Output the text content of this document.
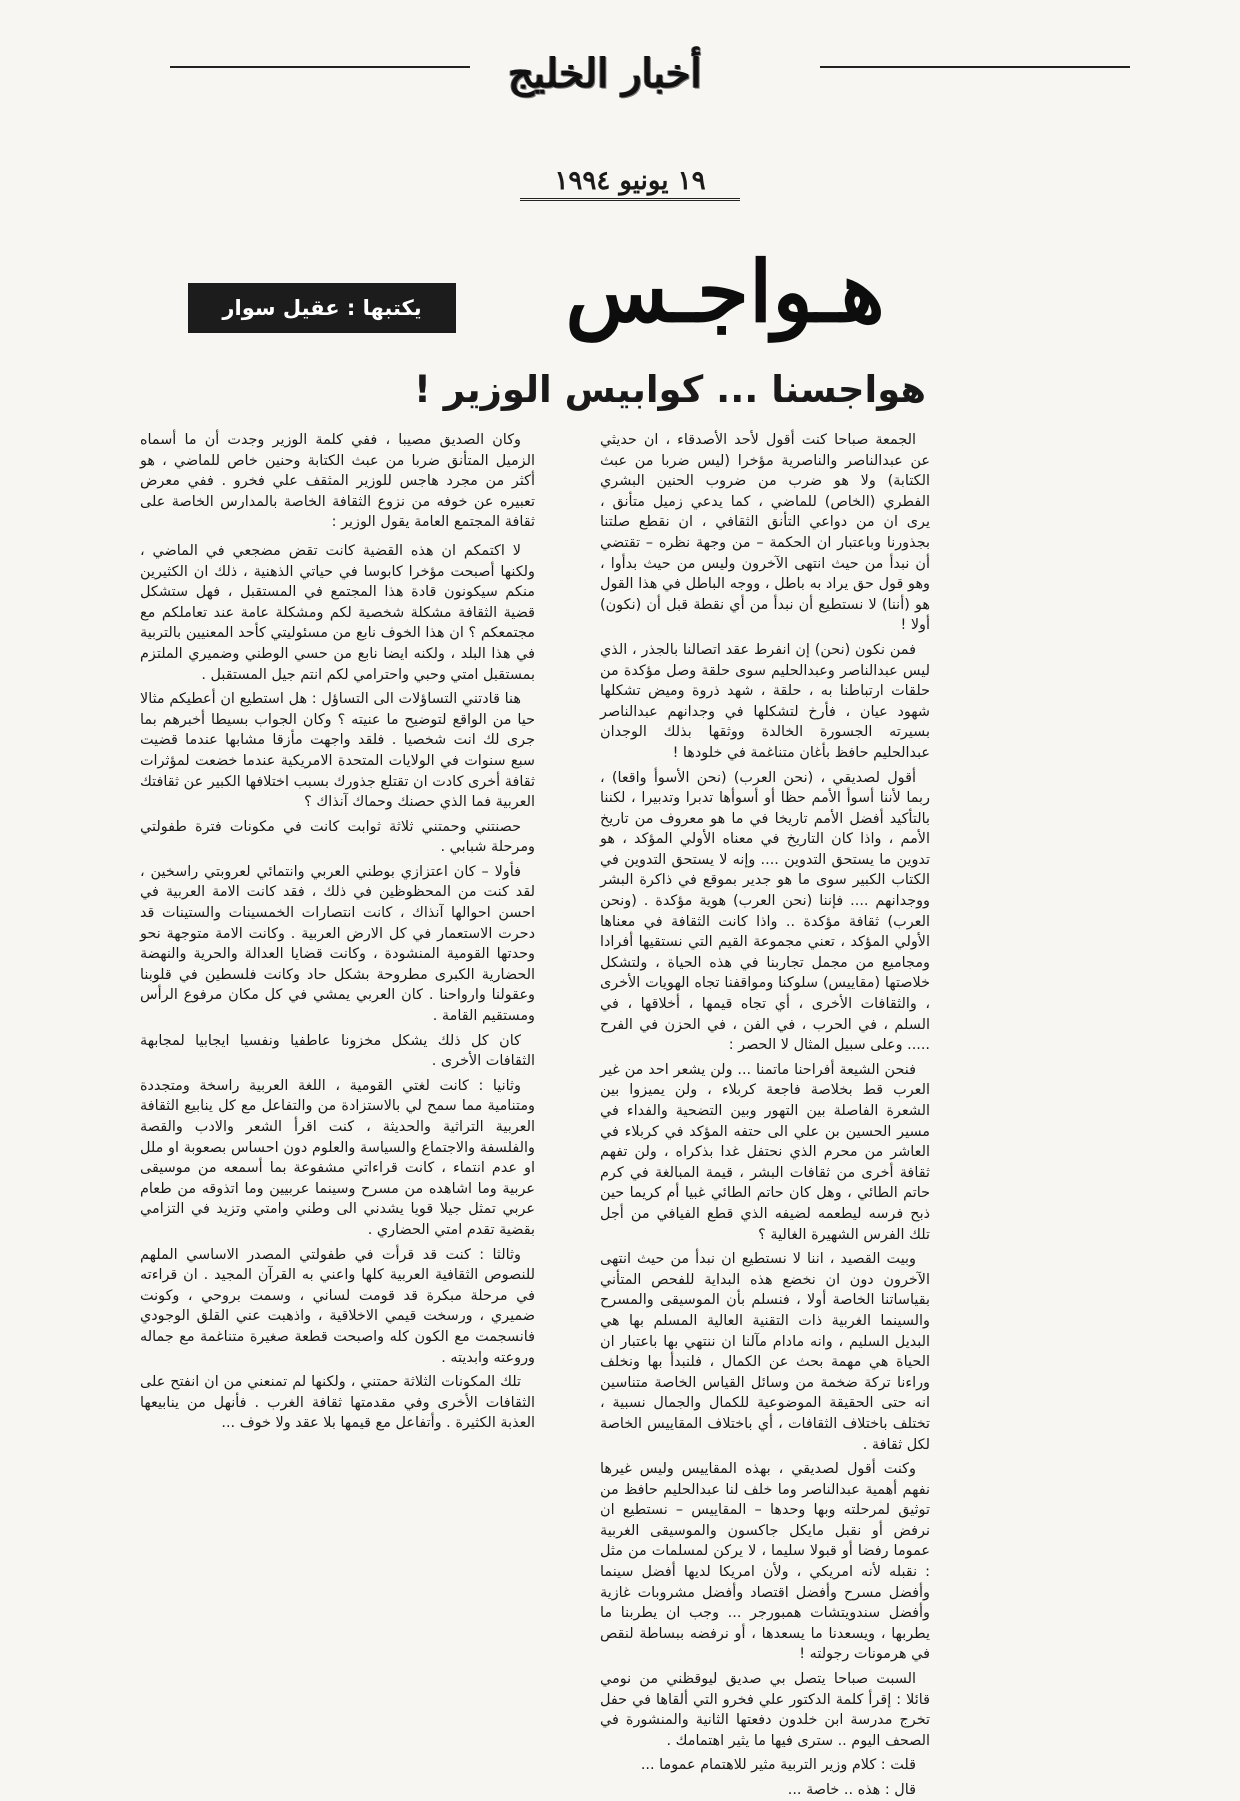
أخبار الخليج
١٩ يونيو ١٩٩٤
هـواجـس
يكتبها : عقيل سوار
هواجسنا ... كوابيس الوزير !

الجمعة صباحا كنت أقول لأحد الأصدقاء ، ان حديثي عن عبدالناصر والناصرية مؤخرا (ليس ضربا من عبث الكتابة) ولا هو ضرب من ضروب الحنين البشري الفطري (الخاص) للماضي ، كما يدعي زميل متأنق ، يرى ان من دواعي التأنق الثقافي ، ان نقطع صلتنا بجذورنا وباعتبار ان الحكمة – من وجهة نظره – تقتضي أن نبدأ من حيث انتهى الآخرون وليس من حيث بدأوا ، وهو قول حق يراد به باطل ، ووجه الباطل في هذا القول هو (أننا) لا نستطيع أن نبدأ من أي نقطة قبل أن (نكون) أولا !

فمن نكون (نحن) إن انفرط عقد اتصالنا بالجذر ، الذي ليس عبدالناصر وعبدالحليم سوى حلقة وصل مؤكدة من حلقات ارتباطنا به ، حلقة ، شهد ذروة وميض تشكلها شهود عيان ، فأرخ لتشكلها في وجدانهم عبدالناصر بسيرته الجسورة الخالدة ووثقها بذلك الوجدان عبدالحليم حافظ بأغان متناغمة في خلودها !

أقول لصديقي ، (نحن العرب) (نحن الأسوأ واقعا) ، ربما لأننا أسوأ الأمم حظا أو أسوأها تدبرا وتدبيرا ، لكننا بالتأكيد أفضل الأمم تاريخا في ما هو معروف من تاريخ الأمم ، واذا كان التاريخ في معناه الأولي المؤكد ، هو تدوين ما يستحق التدوين .... وإنه لا يستحق التدوين في الكتاب الكبير سوى ما هو جدير بموقع في ذاكرة البشر ووجدانهم .... فإننا (نحن العرب) هوية مؤكدة . (ونحن العرب) ثقافة مؤكدة .. واذا كانت الثقافة في معناها الأولي المؤكد ، تعني مجموعة القيم التي نستقيها أفرادا ومجاميع من مجمل تجاربنا في هذه الحياة ، ولتشكل خلاصتها (مقاييس) سلوكنا ومواقفنا تجاه الهويات الأخرى ، والثقافات الأخرى ، أي تجاه قيمها ، أخلاقها ، في السلم ، في الحرب ، في الفن ، في الحزن في الفرح ..... وعلى سبيل المثال لا الحصر :

فنحن الشيعة أفراحنا ماتمنا ... ولن يشعر احد من غير العرب قط بخلاصة فاجعة كربلاء ، ولن يميزوا بين الشعرة الفاصلة بين التهور وبين التضحية والفداء في مسير الحسين بن علي الى حتفه المؤكد في كربلاء في العاشر من محرم الذي نحتفل غدا بذكراه ، ولن تفهم ثقافة أخرى من ثقافات البشر ، قيمة المبالغة في كرم حاتم الطائي ، وهل كان حاتم الطائي غبيا أم كريما حين ذبح فرسه ليطعمه لضيفه الذي قطع الفيافي من أجل تلك الفرس الشهيرة الغالية ؟

وبيت القصيد ، اننا لا نستطيع ان نبدأ من حيث انتهى الآخرون دون ان نخضع هذه البداية للفحص المتأني بقياساتنا الخاصة أولا ، فنسلم بأن الموسيقى والمسرح والسينما الغربية ذات التقنية العالية المسلم بها هي البديل السليم ، وانه مادام مآلنا ان ننتهي بها باعتبار ان الحياة هي مهمة بحث عن الكمال ، فلنبدأ بها ونخلف وراءنا تركة ضخمة من وسائل القياس الخاصة متناسين انه حتى الحقيقة الموضوعية للكمال والجمال نسبية ، تختلف باختلاف الثقافات ، أي باختلاف المقاييس الخاصة لكل ثقافة .

وكنت أقول لصديقي ، بهذه المقاييس وليس غيرها نفهم أهمية عبدالناصر وما خلف لنا عبدالحليم حافظ من توثيق لمرحلته وبها وحدها – المقاييس – نستطيع ان نرفض أو نقبل مايكل جاكسون والموسيقى الغربية عموما رفضا أو قبولا سليما ، لا يركن لمسلمات من مثل : نقبله لأنه امريكي ، ولأن امريكا لديها أفضل سينما وأفضل مسرح وأفضل اقتصاد وأفضل مشروبات غازية وأفضل سندويتشات همبورجر ... وجب ان يطربنا ما يطربها ، ويسعدنا ما يسعدها ، أو نرفضه ببساطة لنقص في هرمونات رجولته !

السبت صباحا يتصل بي صديق ليوقظني من نومي قائلا : إقرأ كلمة الدكتور علي فخرو التي ألقاها في حفل تخرج مدرسة ابن خلدون دفعتها الثانية والمنشورة في الصحف اليوم .. سترى فيها ما يثير اهتمامك .

قلت : كلام وزير التربية مثير للاهتمام عموما ...

قال : هذه .. خاصة ...

وكان الصديق مصيبا ، ففي كلمة الوزير وجدت أن ما أسماه الزميل المتأنق ضربا من عبث الكتابة وحنين خاص للماضي ، هو أكثر من مجرد هاجس للوزير المثقف علي فخرو . ففي معرض تعبيره عن خوفه من نزوع الثقافة الخاصة بالمدارس الخاصة على ثقافة المجتمع العامة يقول الوزير :

لا اكتمكم ان هذه القضية كانت تقض مضجعي في الماضي ، ولكنها أصبحت مؤخرا كابوسا في حياتي الذهنية ، ذلك ان الكثيرين منكم سيكونون قادة هذا المجتمع في المستقبل ، فهل ستشكل قضية الثقافة مشكلة شخصية لكم ومشكلة عامة عند تعاملكم مع مجتمعكم ؟ ان هذا الخوف نابع من مسئوليتي كأحد المعنيين بالتربية في هذا البلد ، ولكنه ايضا نابع من حسي الوطني وضميري الملتزم بمستقبل امتي وحبي واحترامي لكم انتم جيل المستقبل .

هنا قادتني التساؤلات الى التساؤل : هل استطيع ان أعطيكم مثالا حيا من الواقع لتوضيح ما عنيته ؟ وكان الجواب بسيطا أخبرهم بما جرى لك انت شخصيا . فلقد واجهت مأزقا مشابها عندما قضيت سبع سنوات في الولايات المتحدة الامريكية عندما خضعت لمؤثرات ثقافة أخرى كادت ان تقتلع جذورك بسبب اختلافها الكبير عن ثقافتك العربية فما الذي حصنك وحماك آنذاك ؟

حصنتني وحمتني ثلاثة ثوابت كانت في مكونات فترة طفولتي ومرحلة شبابي .

فأولا – كان اعتزازي بوطني العربي وانتمائي لعروبتي راسخين ، لقد كنت من المحظوظين في ذلك ، فقد كانت الامة العربية في احسن احوالها آنذاك ، كانت انتصارات الخمسينات والستينات قد دحرت الاستعمار في كل الارض العربية . وكانت الامة متوجهة نحو وحدتها القومية المنشودة ، وكانت قضايا العدالة والحرية والنهضة الحضارية الكبرى مطروحة بشكل حاد وكانت فلسطين في قلوبنا وعقولنا وارواحنا . كان العربي يمشي في كل مكان مرفوع الرأس ومستقيم القامة .

كان كل ذلك يشكل مخزونا عاطفيا ونفسيا ايجابيا لمجابهة الثقافات الأخرى .

وثانيا : كانت لغتي القومية ، اللغة العربية راسخة ومتجددة ومتنامية مما سمح لي بالاستزادة من والتفاعل مع كل ينابيع الثقافة العربية التراثية والحديثة ، كنت اقرأ الشعر والادب والقصة والفلسفة والاجتماع والسياسة والعلوم دون احساس بصعوبة او ملل او عدم انتماء ، كانت قراءاتي مشفوعة بما أسمعه من موسيقى عربية وما اشاهده من مسرح وسينما عربيين وما اتذوقه من طعام عربي تمثل جيلا قويا يشدني الى وطني وامتي وتزيد في التزامي بقضية تقدم امتي الحضاري .

وثالثا : كنت قد قرأت في طفولتي المصدر الاساسي الملهم للنصوص الثقافية العربية كلها واعني به القرآن المجيد . ان قراءته في مرحلة مبكرة قد قومت لساني ، وسمت بروحي ، وكونت ضميري ، ورسخت قيمي الاخلاقية ، واذهبت عني القلق الوجودي فانسجمت مع الكون كله واصبحت قطعة صغيرة متناغمة مع جماله وروعته وابديته .

تلك المكونات الثلاثة حمتني ، ولكنها لم تمنعني من ان انفتح على الثقافات الأخرى وفي مقدمتها ثقافة الغرب . فأنهل من ينابيعها العذبة الكثيرة . وأتفاعل مع قيمها بلا عقد ولا خوف ...
